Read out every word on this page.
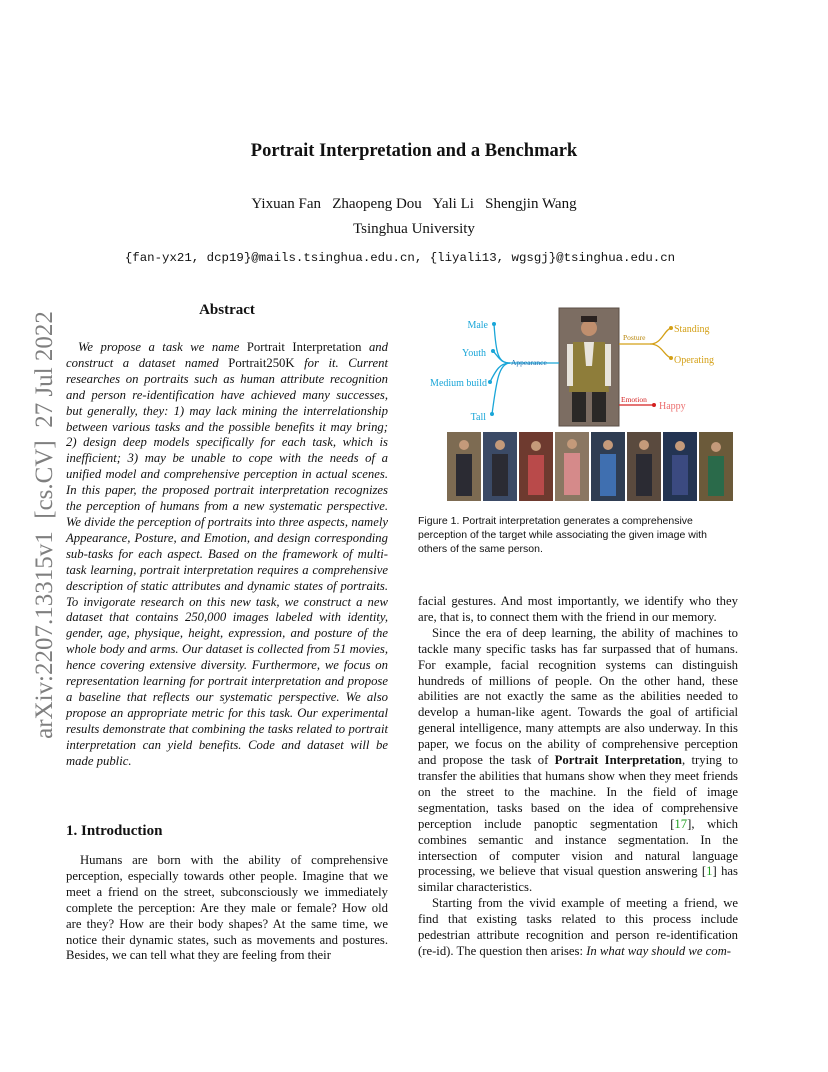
Portrait Interpretation and a Benchmark
Yixuan Fan   Zhaopeng Dou   Yali Li   Shengjin Wang
Tsinghua University
{fan-yx21, dcp19}@mails.tsinghua.edu.cn, {liyali13, wgsgj}@tsinghua.edu.cn
arXiv:2207.13315v1  [cs.CV]  27 Jul 2022
Abstract
We propose a task we name Portrait Interpretation and construct a dataset named Portrait250K for it. Current researches on portraits such as human attribute recognition and person re-identification have achieved many successes, but generally, they: 1) may lack mining the interrelationship between various tasks and the possible benefits it may bring; 2) design deep models specifically for each task, which is inefficient; 3) may be unable to cope with the needs of a unified model and comprehensive perception in actual scenes. In this paper, the proposed portrait interpretation recognizes the perception of humans from a new systematic perspective. We divide the perception of portraits into three aspects, namely Appearance, Posture, and Emotion, and design corresponding sub-tasks for each aspect. Based on the framework of multi-task learning, portrait interpretation requires a comprehensive description of static attributes and dynamic states of portraits. To invigorate research on this new task, we construct a new dataset that contains 250,000 images labeled with identity, gender, age, physique, height, expression, and posture of the whole body and arms. Our dataset is collected from 51 movies, hence covering extensive diversity. Furthermore, we focus on representation learning for portrait interpretation and propose a baseline that reflects our systematic perspective. We also propose an appropriate metric for this task. Our experimental results demonstrate that combining the tasks related to portrait interpretation can yield benefits. Code and dataset will be made public.
1. Introduction
Humans are born with the ability of comprehensive perception, especially towards other people. Imagine that we meet a friend on the street, subconsciously we immediately complete the perception: Are they male or female? How old are they? How are their body shapes? At the same time, we notice their dynamic states, such as movements and postures. Besides, we can tell what they are feeling from their
Male
Youth
Medium build
Tall
Appearance
Posture
Standing
Operating
Emotion
Happy
Figure 1. Portrait interpretation generates a comprehensive perception of the target while associating the given image with others of the same person.

facial gestures. And most importantly, we identify who they are, that is, to connect them with the friend in our memory.

Since the era of deep learning, the ability of machines to tackle many specific tasks has far surpassed that of humans. For example, facial recognition systems can distinguish hundreds of millions of people. On the other hand, these abilities are not exactly the same as the abilities needed to develop a human-like agent. Towards the goal of artificial general intelligence, many attempts are also underway. In this paper, we focus on the ability of comprehensive perception and propose the task of Portrait Interpretation, trying to transfer the abilities that humans show when they meet friends on the street to the machine. In the field of image segmentation, tasks based on the idea of comprehensive perception include panoptic segmentation [17], which combines semantic and instance segmentation. In the intersection of computer vision and natural language processing, we believe that visual question answering [1] has similar characteristics.

Starting from the vivid example of meeting a friend, we find that existing tasks related to this process include pedestrian attribute recognition and person re-identification (re-id). The question then arises: In what way should we com-
